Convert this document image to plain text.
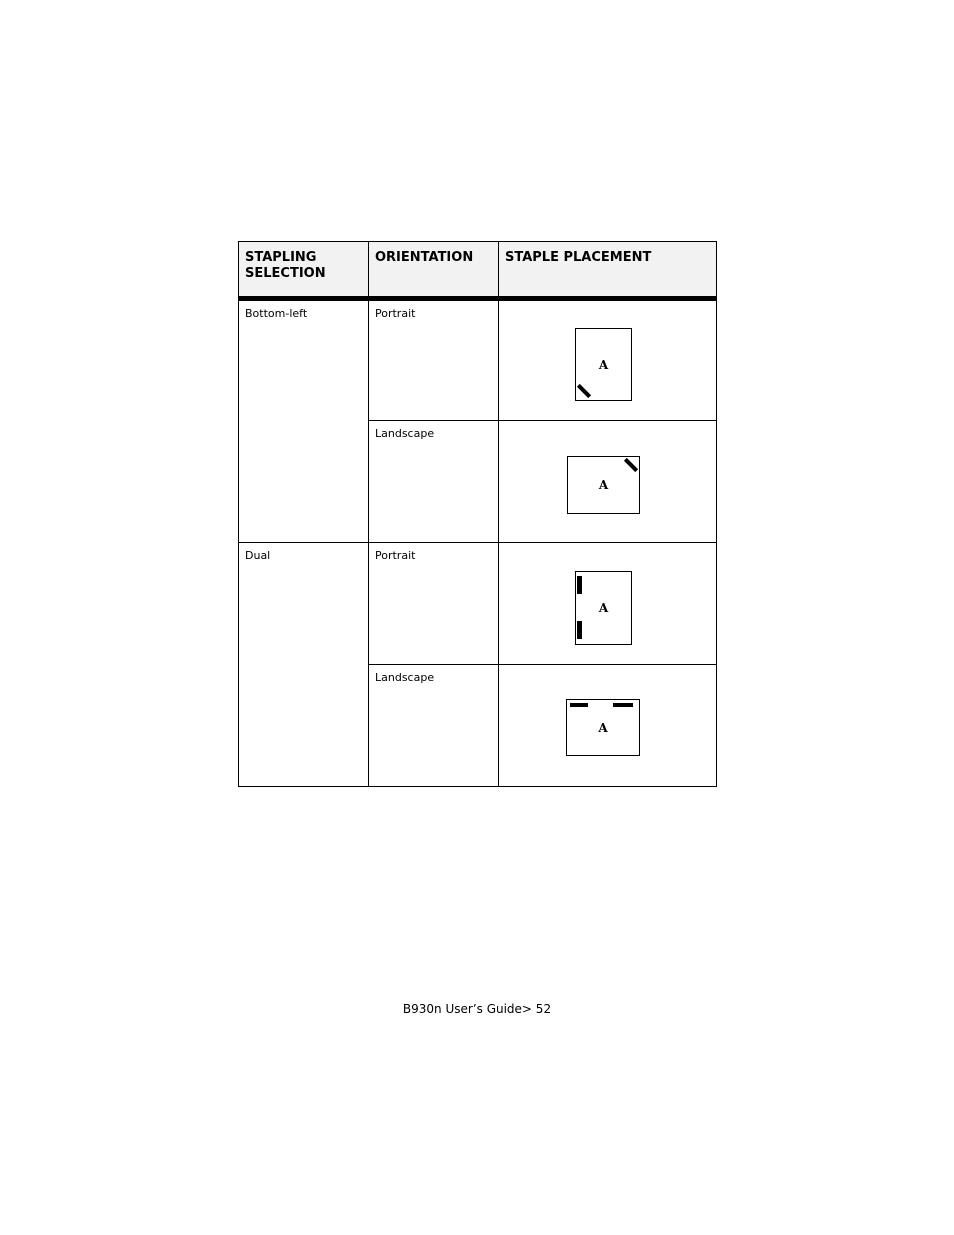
STAPLING
SELECTION	ORIENTATION	STAPLE PLACEMENT
Bottom-left	Portrait	A

	Landscape	A

Dual	Portrait	A

	Landscape	A
B930n User’s Guide> 52
